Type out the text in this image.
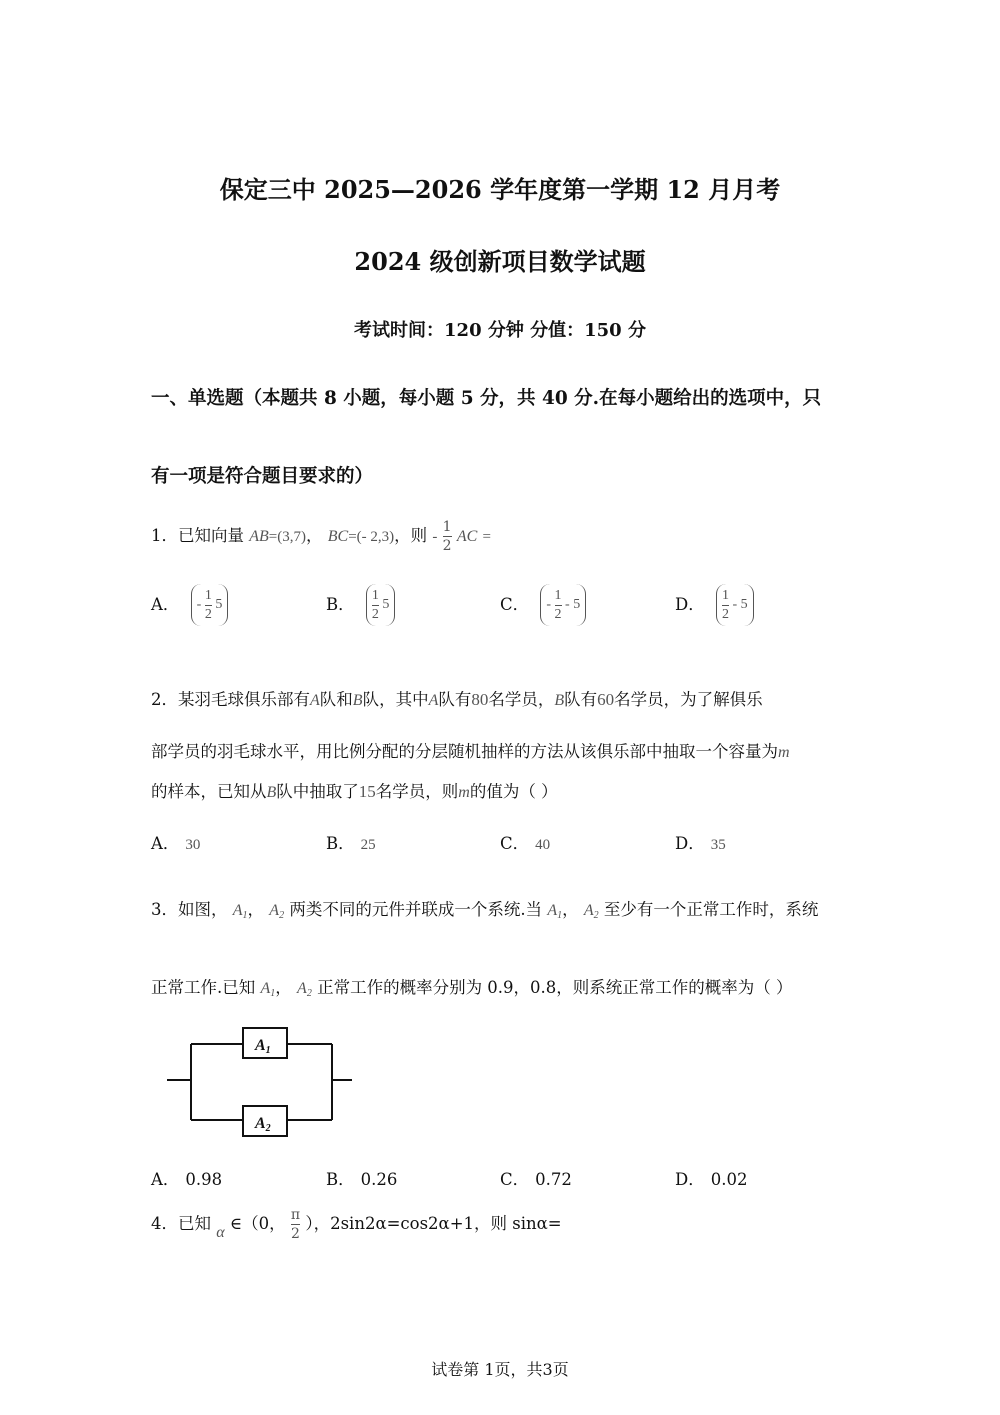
保定三中 2025—2026 学年度第一学期 12 月月考
2024 级创新项目数学试题
考试时间：120 分钟 分值：150 分
一、单选题（本题共 8 小题，每小题 5 分，共 40 分.在每小题给出的选项中，只
有一项是符合题目要求的）
1．已知向量 AB=(3,7)， BC=(- 2,3)，则 - $\frac{1}{2}$ AC =
A． -
$\frac{1}{2}$
5	B． $\frac{1}{2}$
5	C． -
$\frac{1}{2}$
- 5	D． $\frac{1}{2}$
- 5
2．某羽毛球俱乐部有A队和B队，其中A队有80名学员，B队有60名学员，为了解俱乐
部学员的羽毛球水平，用比例分配的分层随机抽样的方法从该俱乐部中抽取一个容量为m
的样本，已知从B队中抽取了15名学员，则m的值为（ ）
A． 30	B． 25	C． 40	D． 35
3．如图， $A_1$， $A_2$ 两类不同的元件并联成一个系统.当 $A_1$， $A_2$ 至少有一个正常工作时，系统
正常工作.已知 $A_1$， $A_2$ 正常工作的概率分别为 0.9，0.8，则系统正常工作的概率为（ ）
A1
A2
A． 0.98	B． 0.26	C． 0.72	D． 0.02
4．已知 α ∈（0， $\frac{\pi}{2}$ ），2sin2α=cos2α+1，则 sinα=
试卷第 1页，共3页
